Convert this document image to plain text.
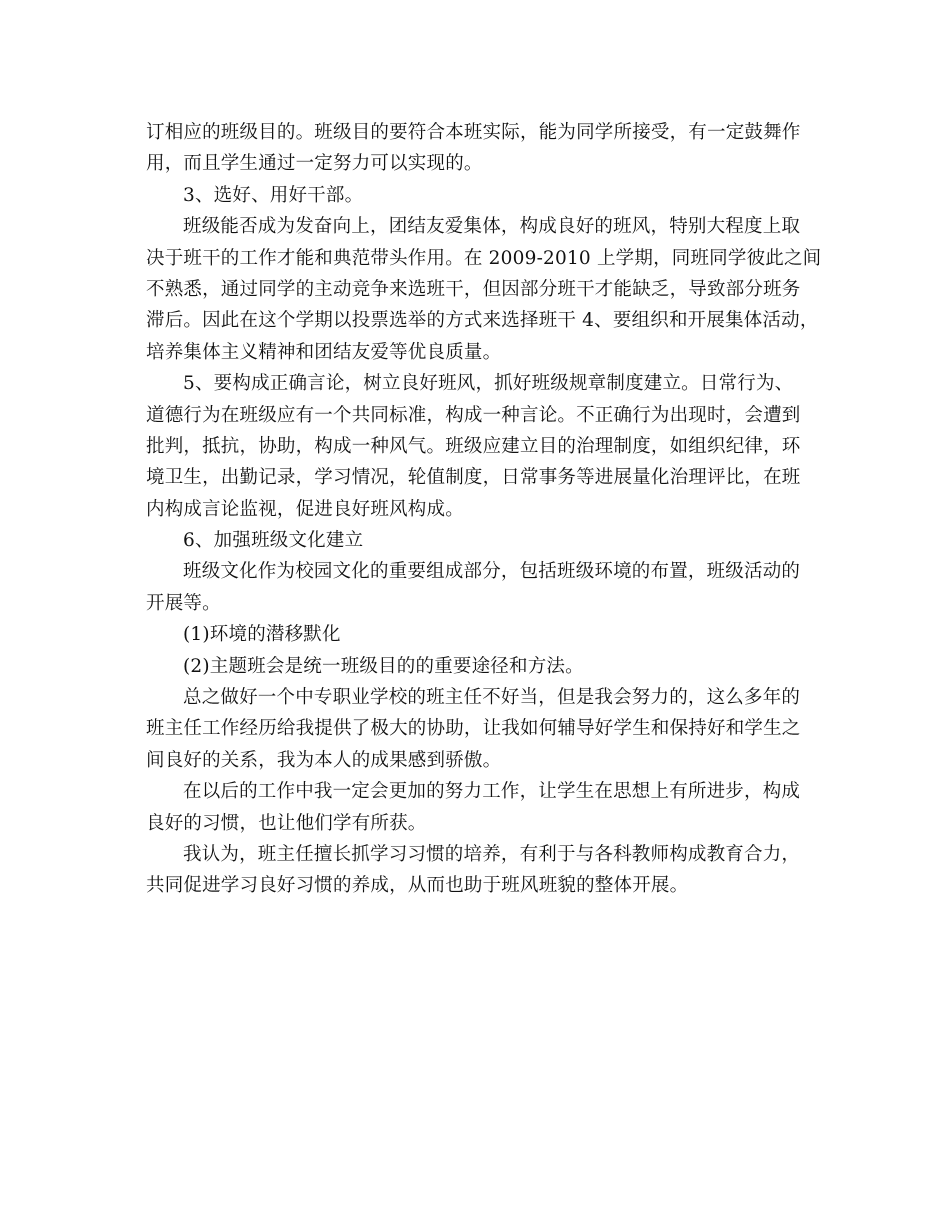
订相应的班级目的。班级目的要符合本班实际，能为同学所接受，有一定鼓舞作
用，而且学生通过一定努力可以实现的。
3、选好、用好干部。
班级能否成为发奋向上，团结友爱集体，构成良好的班风，特别大程度上取
决于班干的工作才能和典范带头作用。在 2009-2010 上学期，同班同学彼此之间
不熟悉，通过同学的主动竞争来选班干，但因部分班干才能缺乏，导致部分班务
滞后。因此在这个学期以投票选举的方式来选择班干 4、要组织和开展集体活动，
培养集体主义精神和团结友爱等优良质量。
5、要构成正确言论，树立良好班风，抓好班级规章制度建立。日常行为、
道德行为在班级应有一个共同标准，构成一种言论。不正确行为出现时，会遭到
批判，抵抗，协助，构成一种风气。班级应建立目的治理制度，如组织纪律，环
境卫生，出勤记录，学习情况，轮值制度，日常事务等进展量化治理评比，在班
内构成言论监视，促进良好班风构成。
6、加强班级文化建立
班级文化作为校园文化的重要组成部分，包括班级环境的布置，班级活动的
开展等。
(1)环境的潜移默化
(2)主题班会是统一班级目的的重要途径和方法。
总之做好一个中专职业学校的班主任不好当，但是我会努力的，这么多年的
班主任工作经历给我提供了极大的协助，让我如何辅导好学生和保持好和学生之
间良好的关系，我为本人的成果感到骄傲。
在以后的工作中我一定会更加的努力工作，让学生在思想上有所进步，构成
良好的习惯，也让他们学有所获。
我认为，班主任擅长抓学习习惯的培养，有利于与各科教师构成教育合力，
共同促进学习良好习惯的养成，从而也助于班风班貌的整体开展。
